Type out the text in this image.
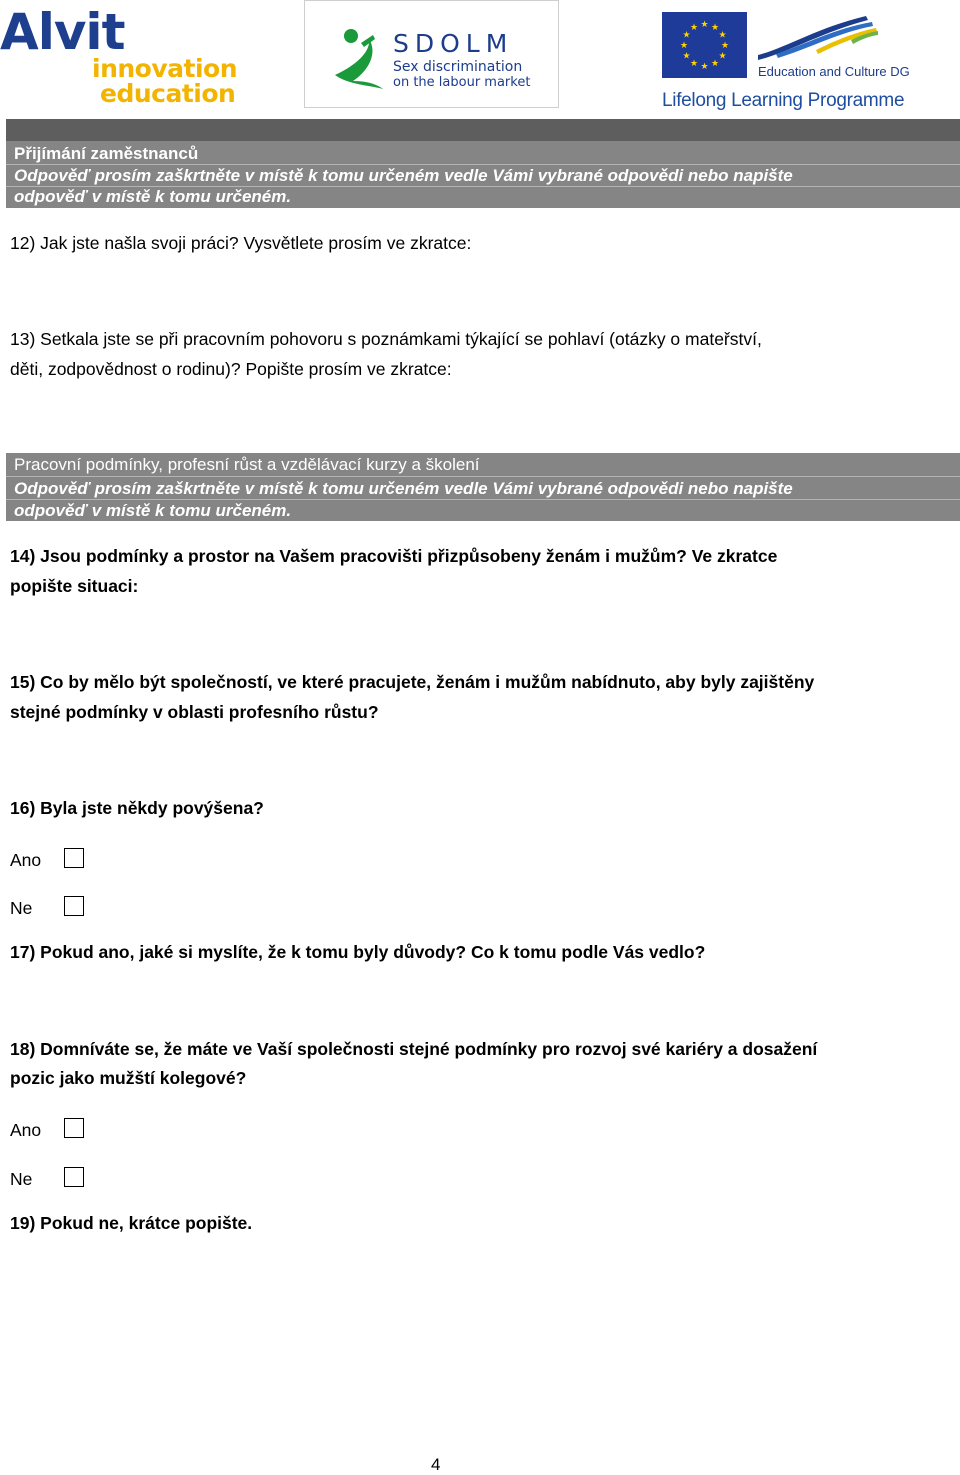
Alvit
innovation
education
SDOLM
Sex discrimination
on the labour market
★ ★
★
★
★
★
★
★
★
★
★
★
Education and Culture DG
Lifelong Learning Programme
Přijímání zaměstnanců
Odpověď prosím zaškrtněte v místě k tomu určeném vedle Vámi vybrané odpovědi nebo napište
odpověď v místě k tomu určeném.
12) Jak jste našla svoji práci? Vysvětlete prosím ve zkratce:
13) Setkala jste se při pracovním pohovoru s poznámkami týkající se pohlaví (otázky o mateřství,
děti, zodpovědnost o rodinu)? Popište prosím ve zkratce:
Pracovní podmínky, profesní růst a vzdělávací kurzy a školení
Odpověď prosím zaškrtněte v místě k tomu určeném vedle Vámi vybrané odpovědi nebo napište
odpověď v místě k tomu určeném.
14) Jsou podmínky a prostor na Vašem pracovišti přizpůsobeny ženám i mužům? Ve zkratce
popište situaci:
15) Co by mělo být společností, ve které pracujete, ženám i mužům nabídnuto, aby byly zajištěny
stejné podmínky v oblasti profesního růstu?
16) Byla jste někdy povýšena?
Ano
Ne
17) Pokud ano, jaké si myslíte, že k tomu byly důvody? Co k tomu podle Vás vedlo?
18) Domníváte se, že máte ve Vaší společnosti stejné podmínky pro rozvoj své kariéry a dosažení
pozic jako mužští kolegové?
Ano
Ne
19) Pokud ne, krátce popište.
4
